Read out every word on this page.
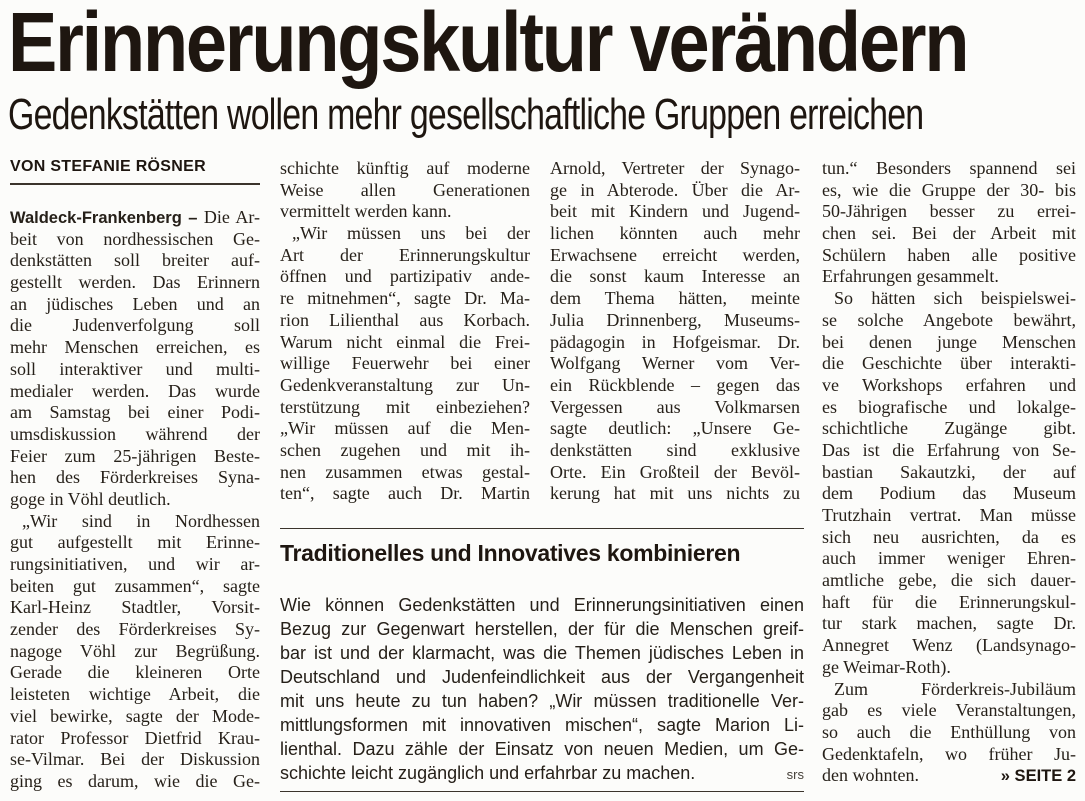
Erinnerungskultur verändern
Gedenkstätten wollen mehr gesellschaftliche Gruppen erreichen
VON STEFANIE RÖSNER
Waldeck-Frankenberg – Die Ar-
beit von nordhessischen Ge-
denkstätten soll breiter auf-
gestellt werden. Das Erinnern
an jüdisches Leben und an
die Judenverfolgung soll
mehr Menschen erreichen, es
soll interaktiver und multi-
medialer werden. Das wurde
am Samstag bei einer Podi-
umsdiskussion während der
Feier zum 25-jährigen Beste-
hen des Förderkreises Syna-
goge in Vöhl deutlich.
„Wir sind in Nordhessen
gut aufgestellt mit Erinne-
rungsinitiativen, und wir ar-
beiten gut zusammen“, sagte
Karl-Heinz Stadtler, Vorsit-
zender des Förderkreises Sy-
nagoge Vöhl zur Begrüßung.
Gerade die kleineren Orte
leisteten wichtige Arbeit, die
viel bewirke, sagte der Mode-
rator Professor Dietfrid Krau-
se-Vilmar. Bei der Diskussion
ging es darum, wie die Ge-
schichte künftig auf moderne
Weise allen Generationen
vermittelt werden kann.
„Wir müssen uns bei der
Art der Erinnerungskultur
öffnen und partizipativ ande-
re mitnehmen“, sagte Dr. Ma-
rion Lilienthal aus Korbach.
Warum nicht einmal die Frei-
willige Feuerwehr bei einer
Gedenkveranstaltung zur Un-
terstützung mit einbeziehen?
„Wir müssen auf die Men-
schen zugehen und mit ih-
nen zusammen etwas gestal-
ten“, sagte auch Dr. Martin
Arnold, Vertreter der Synago-
ge in Abterode. Über die Ar-
beit mit Kindern und Jugend-
lichen könnten auch mehr
Erwachsene erreicht werden,
die sonst kaum Interesse an
dem Thema hätten, meinte
Julia Drinnenberg, Museums-
pädagogin in Hofgeismar. Dr.
Wolfgang Werner vom Ver-
ein Rückblende – gegen das
Vergessen aus Volkmarsen
sagte deutlich: „Unsere Ge-
denkstätten sind exklusive
Orte. Ein Großteil der Bevöl-
kerung hat mit uns nichts zu
tun.“ Besonders spannend sei
es, wie die Gruppe der 30- bis
50-Jährigen besser zu errei-
chen sei. Bei der Arbeit mit
Schülern haben alle positive
Erfahrungen gesammelt.
So hätten sich beispielswei-
se solche Angebote bewährt,
bei denen junge Menschen
die Geschichte über interakti-
ve Workshops erfahren und
es biografische und lokalge-
schichtliche Zugänge gibt.
Das ist die Erfahrung von Se-
bastian Sakautzki, der auf
dem Podium das Museum
Trutzhain vertrat. Man müsse
sich neu ausrichten, da es
auch immer weniger Ehren-
amtliche gebe, die sich dauer-
haft für die Erinnerungskul-
tur stark machen, sagte Dr.
Annegret Wenz (Landsynago-
ge Weimar-Roth).
Zum Förderkreis-Jubiläum
gab es viele Veranstaltungen,
so auch die Enthüllung von
Gedenktafeln, wo früher Ju-
den wohnten.	» SEITE 2
Traditionelles und Innovatives kombinieren
Wie können Gedenkstätten und Erinnerungsinitiativen einen
Bezug zur Gegenwart herstellen, der für die Menschen greif-
bar ist und der klarmacht, was die Themen jüdisches Leben in
Deutschland und Judenfeindlichkeit aus der Vergangenheit
mit uns heute zu tun haben? „Wir müssen traditionelle Ver-
mittlungsformen mit innovativen mischen“, sagte Marion Li-
lienthal. Dazu zähle der Einsatz von neuen Medien, um Ge-
schichte leicht zugänglich und erfahrbar zu machen.	srs
